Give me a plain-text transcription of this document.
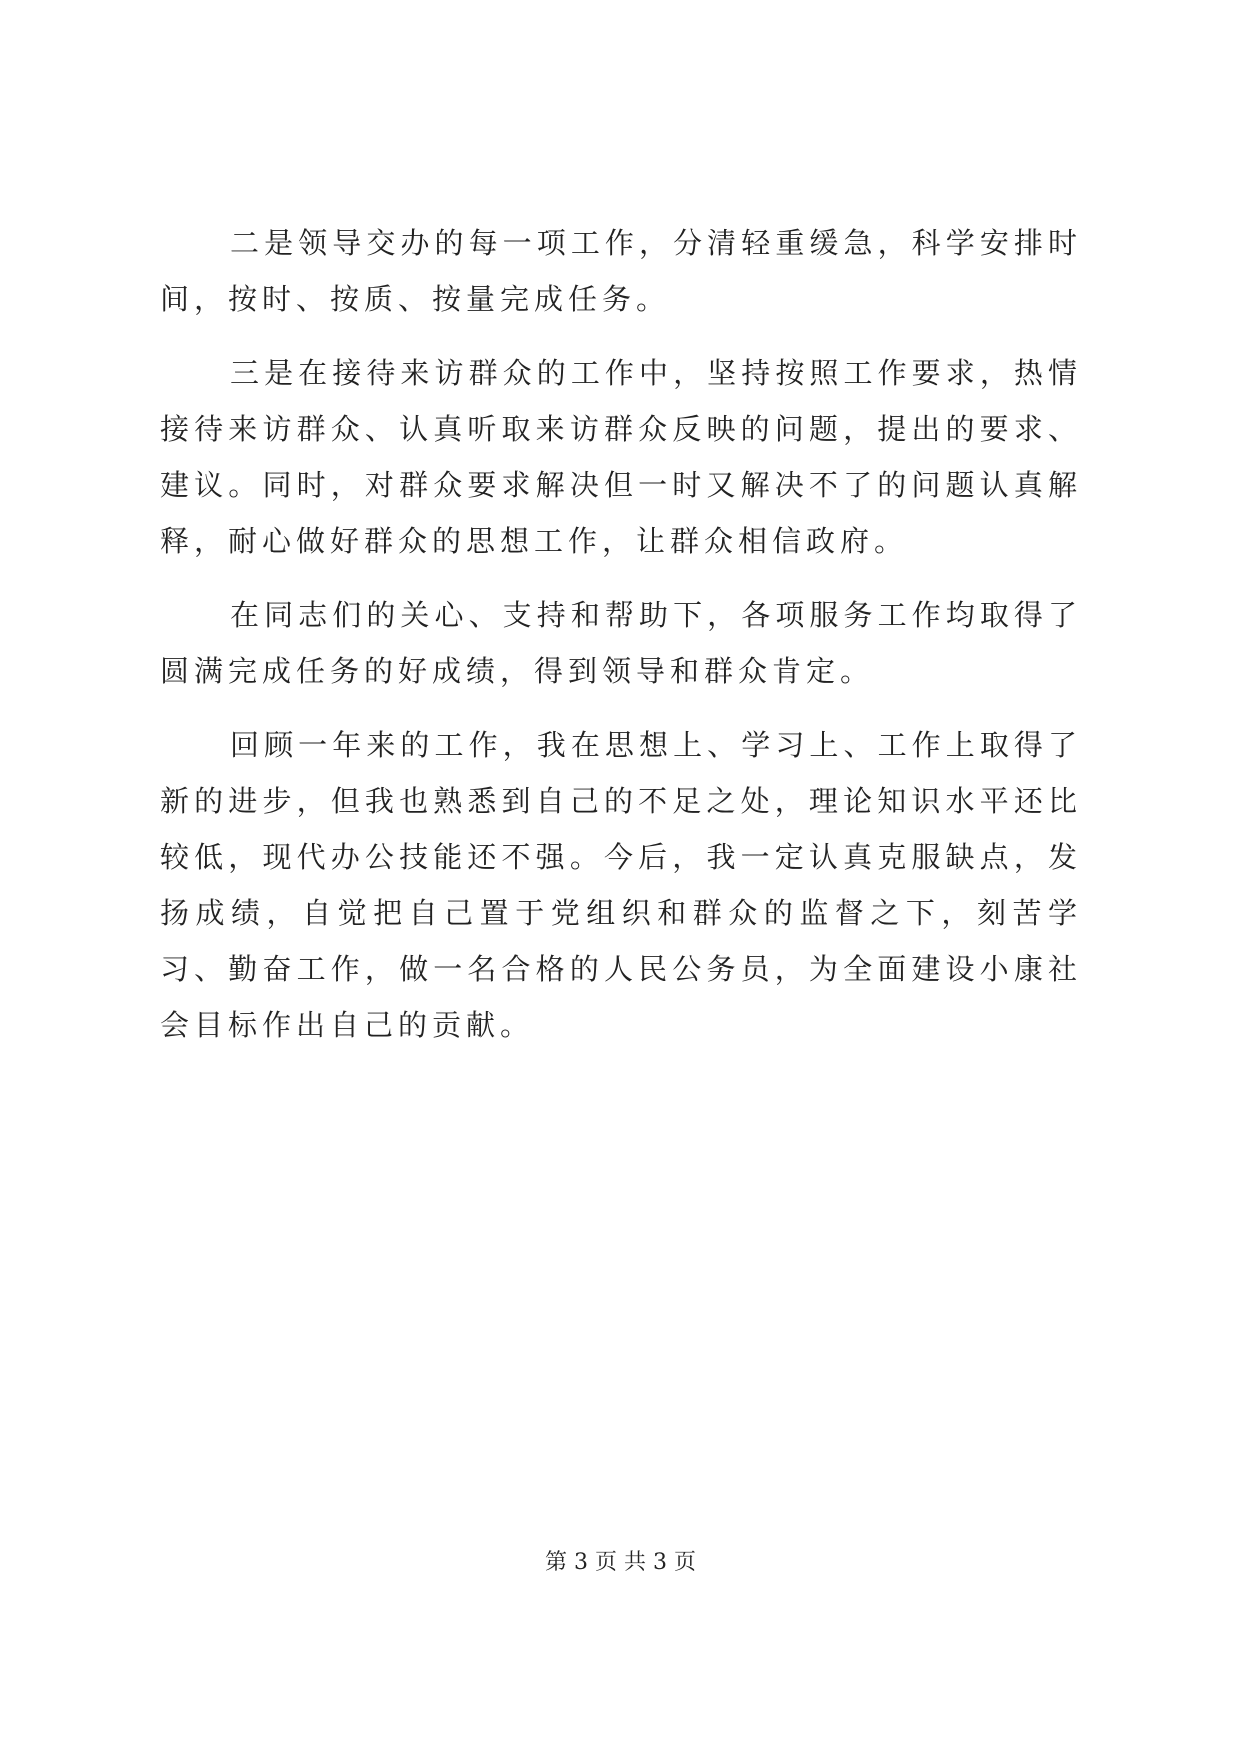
二是领导交办的每一项工作，分清轻重缓急，科学安排时间，按时、按质、按量完成任务。

三是在接待来访群众的工作中，坚持按照工作要求，热情接待来访群众、认真听取来访群众反映的问题，提出的要求、建议。同时，对群众要求解决但一时又解决不了的问题认真解释，耐心做好群众的思想工作，让群众相信政府。

在同志们的关心、支持和帮助下，各项服务工作均取得了圆满完成任务的好成绩，得到领导和群众肯定。

回顾一年来的工作，我在思想上、学习上、工作上取得了新的进步，但我也熟悉到自己的不足之处，理论知识水平还比较低，现代办公技能还不强。今后，我一定认真克服缺点，发扬成绩，自觉把自己置于党组织和群众的监督之下，刻苦学习、勤奋工作，做一名合格的人民公务员，为全面建设小康社会目标作出自己的贡献。

第 3 页 共 3 页
